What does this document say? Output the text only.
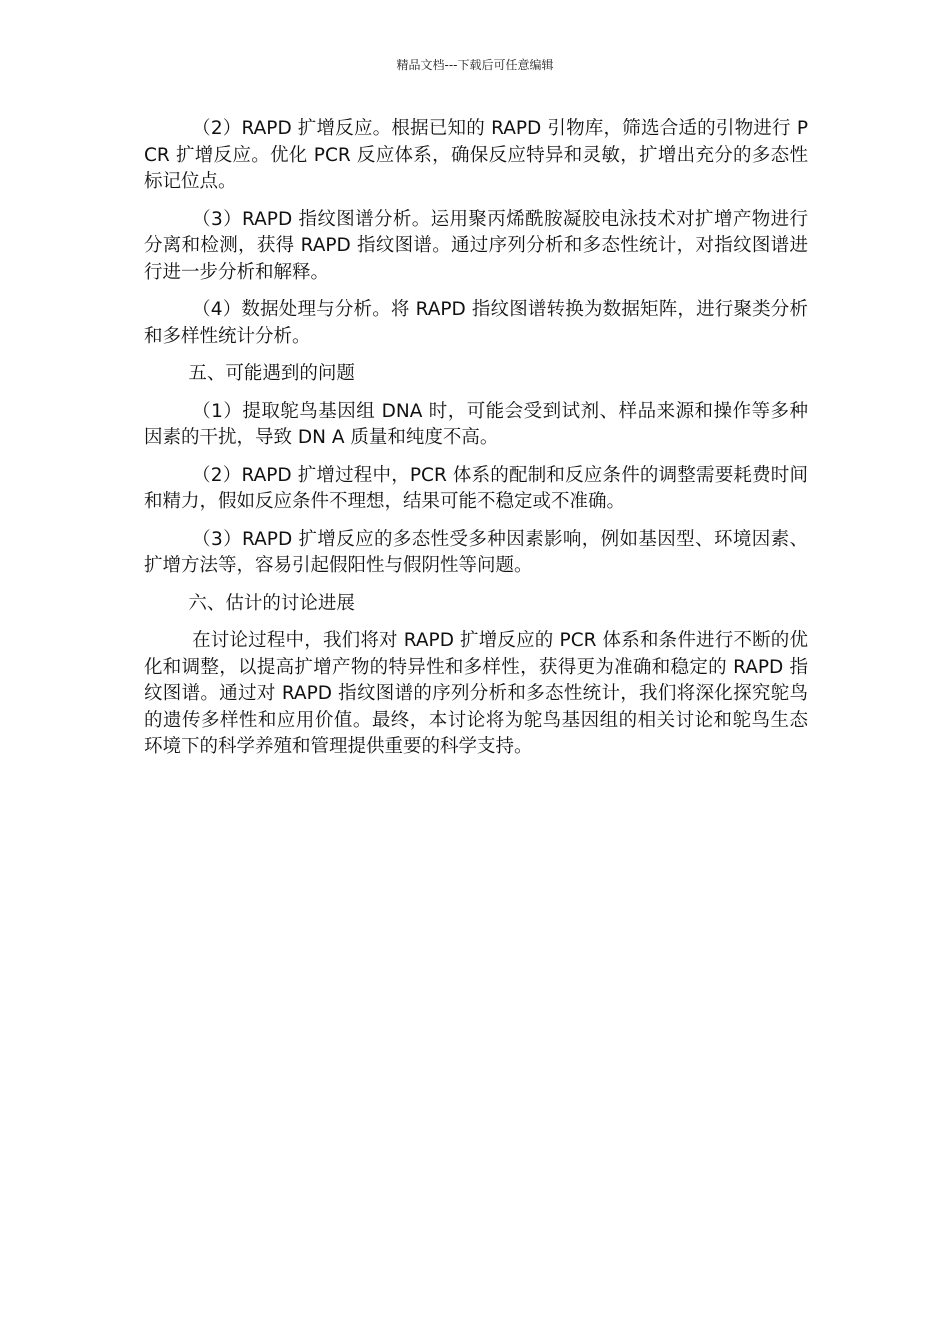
精品文档---下载后可任意编辑

（2）RAPD 扩增反应。根据已知的 RAPD 引物库，筛选合适的引物进行 PCR 扩增反应。优化 PCR 反应体系，确保反应特异和灵敏，扩增出充分的多态性标记位点。

（3）RAPD 指纹图谱分析。运用聚丙烯酰胺凝胶电泳技术对扩增产物进行分离和检测，获得 RAPD 指纹图谱。通过序列分析和多态性统计，对指纹图谱进行进一步分析和解释。

（4）数据处理与分析。将 RAPD 指纹图谱转换为数据矩阵，进行聚类分析和多样性统计分析。

五、可能遇到的问题

（1）提取鸵鸟基因组 DNA 时，可能会受到试剂、样品来源和操作等多种因素的干扰，导致 DN A 质量和纯度不高。

（2）RAPD 扩增过程中，PCR 体系的配制和反应条件的调整需要耗费时间和精力，假如反应条件不理想，结果可能不稳定或不准确。

（3）RAPD 扩增反应的多态性受多种因素影响，例如基因型、环境因素、扩增方法等，容易引起假阳性与假阴性等问题。

六、估计的讨论进展

在讨论过程中，我们将对 RAPD 扩增反应的 PCR 体系和条件进行不断的优化和调整，以提高扩增产物的特异性和多样性，获得更为准确和稳定的 RAPD 指纹图谱。通过对 RAPD 指纹图谱的序列分析和多态性统计，我们将深化探究鸵鸟的遗传多样性和应用价值。最终，本讨论将为鸵鸟基因组的相关讨论和鸵鸟生态环境下的科学养殖和管理提供重要的科学支持。
